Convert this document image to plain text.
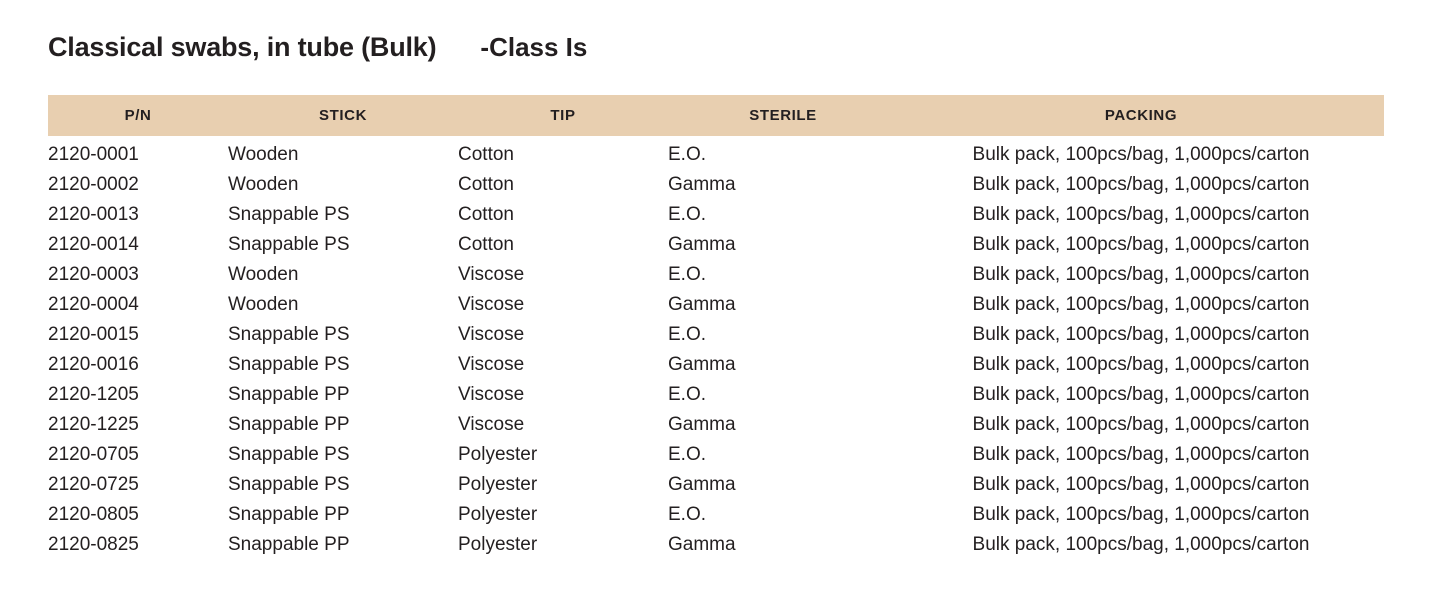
Classical swabs, in tube (Bulk) -Class Is
P/N	STICK	TIP	STERILE	PACKING
2120-0001	Wooden	Cotton	E.O.	Bulk pack, 100pcs/bag, 1,000pcs/carton
2120-0002	Wooden	Cotton	Gamma	Bulk pack, 100pcs/bag, 1,000pcs/carton
2120-0013	Snappable PS	Cotton	E.O.	Bulk pack, 100pcs/bag, 1,000pcs/carton
2120-0014	Snappable PS	Cotton	Gamma	Bulk pack, 100pcs/bag, 1,000pcs/carton
2120-0003	Wooden	Viscose	E.O.	Bulk pack, 100pcs/bag, 1,000pcs/carton
2120-0004	Wooden	Viscose	Gamma	Bulk pack, 100pcs/bag, 1,000pcs/carton
2120-0015	Snappable PS	Viscose	E.O.	Bulk pack, 100pcs/bag, 1,000pcs/carton
2120-0016	Snappable PS	Viscose	Gamma	Bulk pack, 100pcs/bag, 1,000pcs/carton
2120-1205	Snappable PP	Viscose	E.O.	Bulk pack, 100pcs/bag, 1,000pcs/carton
2120-1225	Snappable PP	Viscose	Gamma	Bulk pack, 100pcs/bag, 1,000pcs/carton
2120-0705	Snappable PS	Polyester	E.O.	Bulk pack, 100pcs/bag, 1,000pcs/carton
2120-0725	Snappable PS	Polyester	Gamma	Bulk pack, 100pcs/bag, 1,000pcs/carton
2120-0805	Snappable PP	Polyester	E.O.	Bulk pack, 100pcs/bag, 1,000pcs/carton
2120-0825	Snappable PP	Polyester	Gamma	Bulk pack, 100pcs/bag, 1,000pcs/carton
